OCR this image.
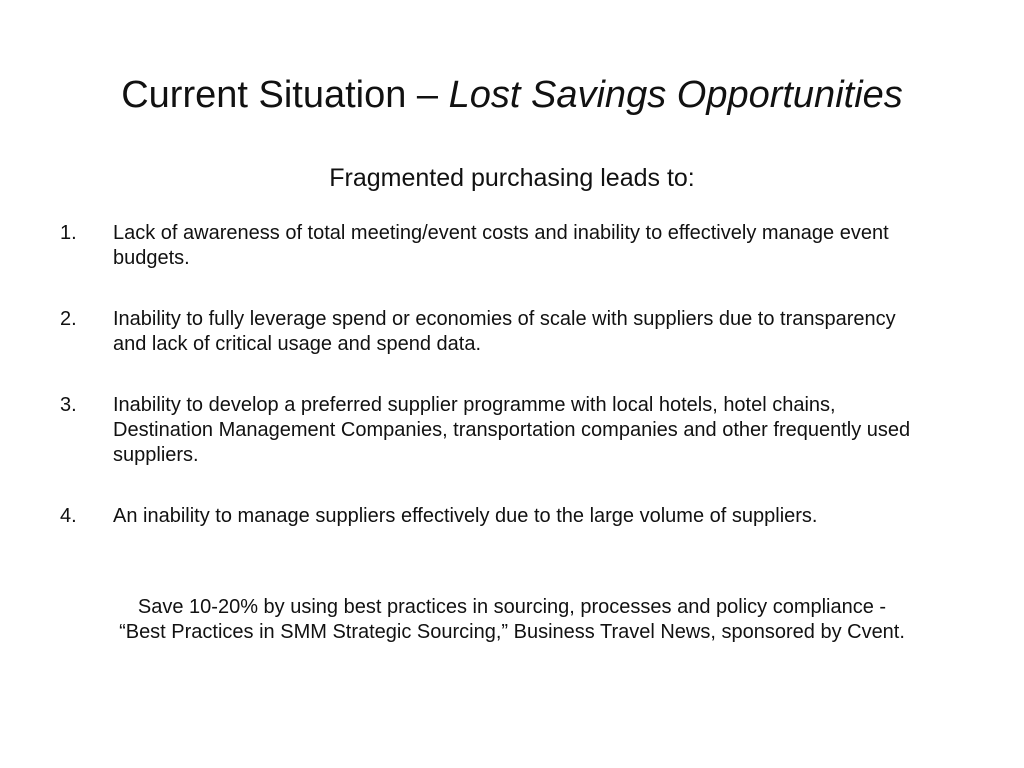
Current Situation – Lost Savings Opportunities
Fragmented purchasing leads to:
1.	Lack of awareness of total meeting/event costs and inability to effectively manage event budgets.
2.	Inability to fully leverage spend or economies of scale with suppliers due to transparency and lack of critical usage and spend data.
3.	Inability to develop a preferred supplier programme with local hotels, hotel chains, Destination Management Companies, transportation companies and other frequently used suppliers.
4.	An inability to manage suppliers effectively due to the large volume of suppliers.
Save 10-20% by using best practices in sourcing, processes and policy compliance -
“Best Practices in SMM Strategic Sourcing,” Business Travel News, sponsored by Cvent.
